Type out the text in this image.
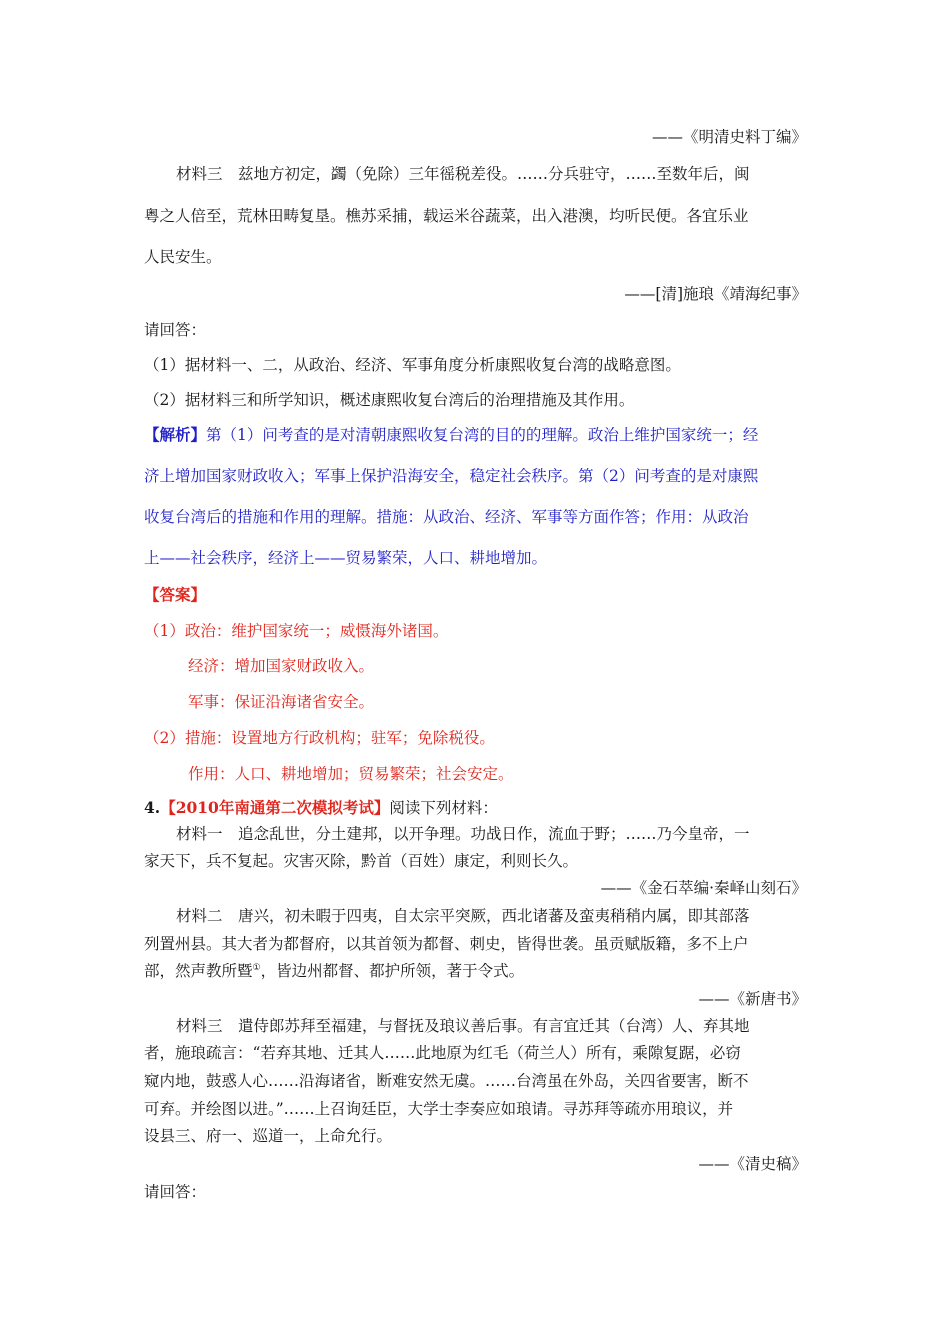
——《明清史料丁编》
材料三　兹地方初定，蠲（免除）三年徭税差役。……分兵驻守，……至数年后，闽
粤之人倍至，荒林田畴复垦。樵苏采捕，载运米谷蔬菜，出入港澳，均听民便。各宜乐业
人民安生。
——[清]施琅《靖海纪事》
请回答：
（1）据材料一、二，从政治、经济、军事角度分析康熙收复台湾的战略意图。
（2）据材料三和所学知识，概述康熙收复台湾后的治理措施及其作用。
【解析】第（1）问考查的是对清朝康熙收复台湾的目的的理解。政治上维护国家统一；经
济上增加国家财政收入；军事上保护沿海安全，稳定社会秩序。第（2）问考查的是对康熙
收复台湾后的措施和作用的理解。措施：从政治、经济、军事等方面作答；作用：从政治
上——社会秩序，经济上——贸易繁荣，人口、耕地增加。
【答案】
（1）政治：维护国家统一；威慑海外诸国。
经济：增加国家财政收入。
军事：保证沿海诸省安全。
（2）措施：设置地方行政机构；驻军；免除税役。
作用：人口、耕地增加；贸易繁荣；社会安定。
4.【2010年南通第二次模拟考试】阅读下列材料：
材料一　追念乱世，分土建邦，以开争理。功战日作，流血于野；……乃今皇帝，一
家天下，兵不复起。灾害灭除，黔首（百姓）康定，利则长久。
——《金石萃编·秦峄山刻石》
材料二　唐兴，初未暇于四夷，自太宗平突厥，西北诸蕃及蛮夷稍稍内属，即其部落
列置州县。其大者为都督府，以其首领为都督、刺史，皆得世袭。虽贡赋版籍，多不上户
部，然声教所暨①，皆边州都督、都护所领，著于令式。
——《新唐书》
材料三　遣侍郎苏拜至福建，与督抚及琅议善后事。有言宜迁其（台湾）人、弃其地
者，施琅疏言：“若弃其地、迁其人……此地原为红毛（荷兰人）所有，乘隙复踞，必窃
窥内地，鼓惑人心……沿海诸省，断难安然无虞。……台湾虽在外岛，关四省要害，断不
可弃。并绘图以进。”……上召询廷臣，大学士李奏应如琅请。寻苏拜等疏亦用琅议，并
设县三、府一、巡道一，上命允行。
——《清史稿》
请回答：
